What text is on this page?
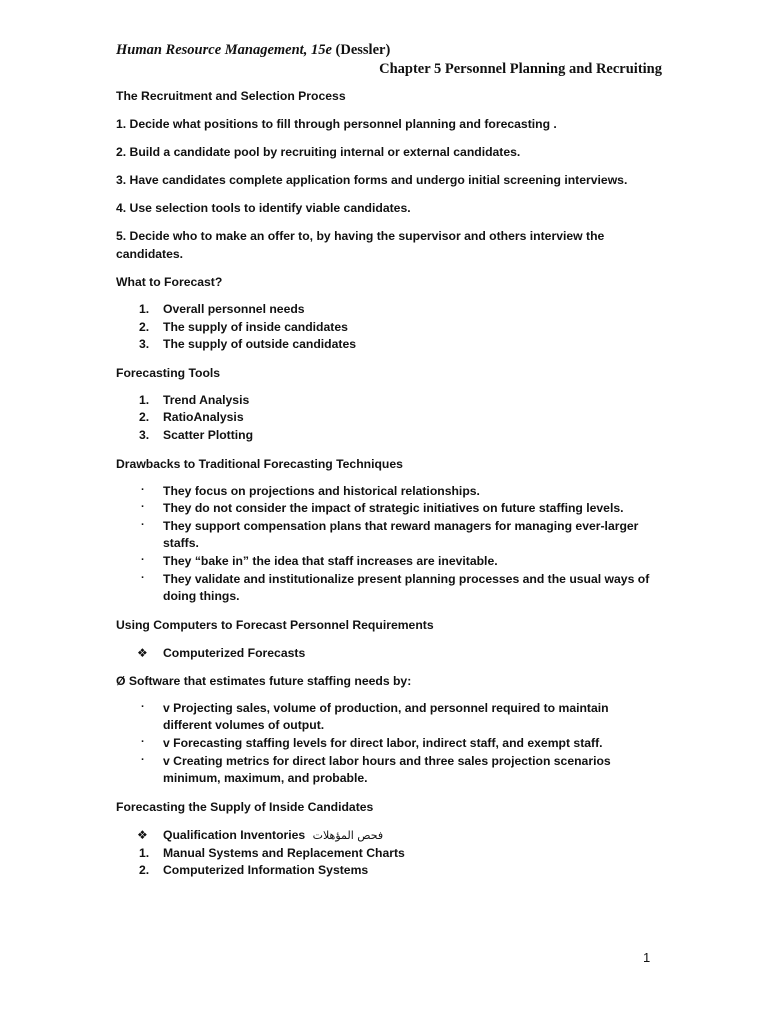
Human Resource Management, 15e (Dessler)
Chapter 5 Personnel Planning and Recruiting
The Recruitment and Selection Process
1. Decide what positions to fill through personnel planning and forecasting .
2. Build a candidate pool by recruiting internal or external candidates.
3. Have candidates complete application forms and undergo initial screening interviews.
4. Use selection tools to identify viable candidates.
5. Decide who to make an offer to, by having the supervisor and others interview the candidates.
What to Forecast?
1. Overall personnel needs
2. The supply of inside candidates
3. The supply of outside candidates
Forecasting Tools
1. Trend Analysis
2. RatioAnalysis
3. Scatter Plotting
Drawbacks to Traditional Forecasting Techniques
· They focus on projections and historical relationships.
· They do not consider the impact of strategic initiatives on future staffing levels.
· They support compensation plans that reward managers for managing ever-larger staffs.
· They “bake in” the idea that staff increases are inevitable.
· They validate and institutionalize present planning processes and the usual ways of doing things.
Using Computers to Forecast Personnel Requirements
❖ Computerized Forecasts
Ø Software that estimates future staffing needs by:
· v Projecting sales, volume of production, and personnel required to maintain different volumes of output.
· v Forecasting staffing levels for direct labor, indirect staff, and exempt staff.
· v Creating metrics for direct labor hours and three sales projection scenarios minimum, maximum, and probable.
Forecasting the Supply of Inside Candidates
❖ Qualification Inventories فحص المؤهلات
1. Manual Systems and Replacement Charts
2. Computerized Information Systems
1
